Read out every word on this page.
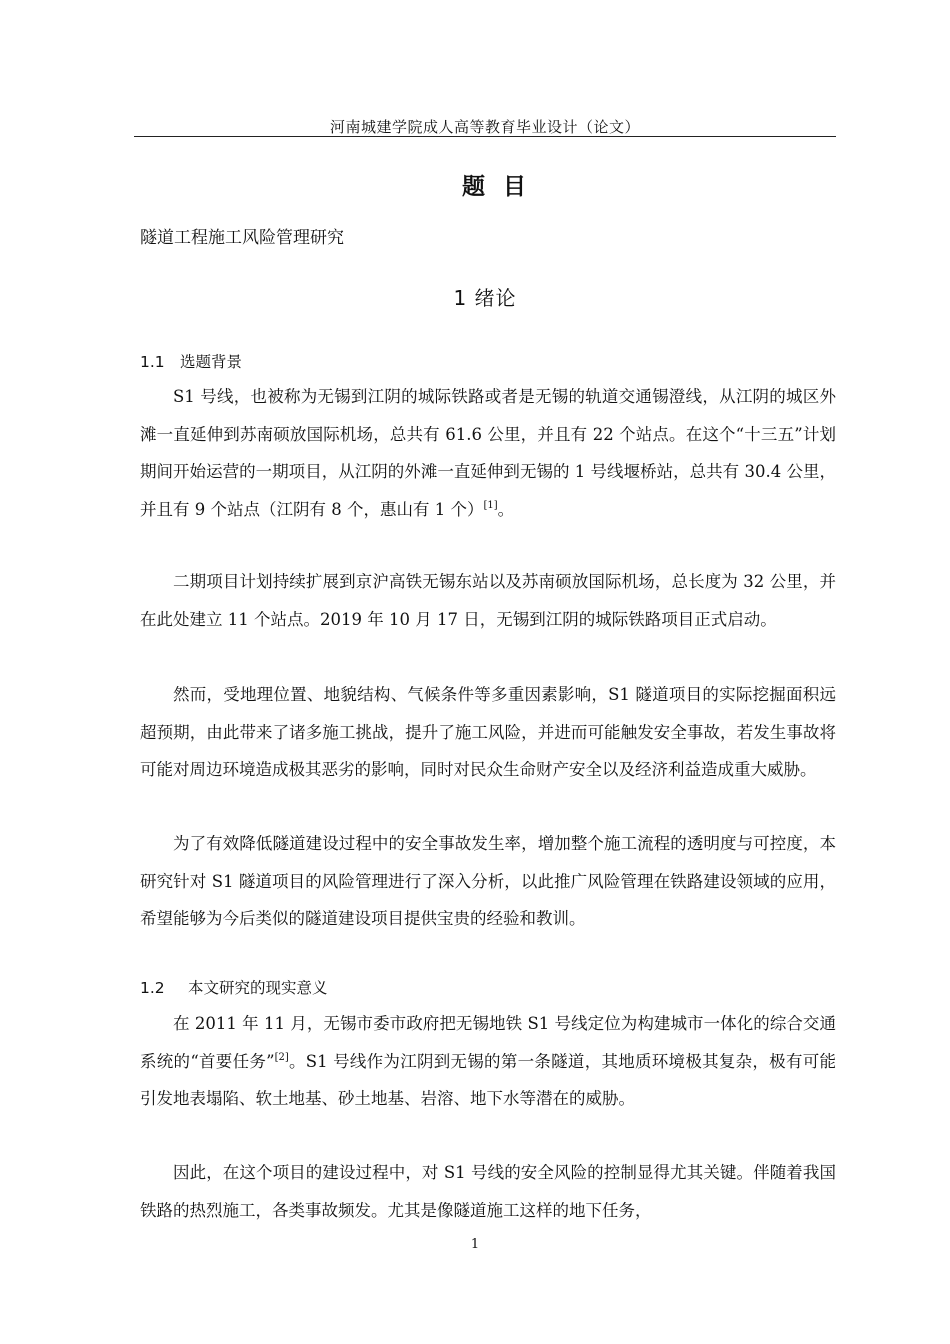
河南城建学院成人高等教育毕业设计（论文）
题目
隧道工程施工风险管理研究
1 绪论
1.1 选题背景

S1 号线，也被称为无锡到江阴的城际铁路或者是无锡的轨道交通锡澄线，从江阴的城区外滩一直延伸到苏南硕放国际机场，总共有 61.6 公里，并且有 22 个站点。在这个“十三五”计划期间开始运营的一期项目，从江阴的外滩一直延伸到无锡的 1 号线堰桥站，总共有 30.4 公里，并且有 9 个站点（江阴有 8 个，惠山有 1 个）[1]。

二期项目计划持续扩展到京沪高铁无锡东站以及苏南硕放国际机场，总长度为 32 公里，并在此处建立 11 个站点。2019 年 10 月 17 日，无锡到江阴的城际铁路项目正式启动。

然而，受地理位置、地貌结构、气候条件等多重因素影响，S1 隧道项目的实际挖掘面积远超预期，由此带来了诸多施工挑战，提升了施工风险，并进而可能触发安全事故，若发生事故将可能对周边环境造成极其恶劣的影响，同时对民众生命财产安全以及经济利益造成重大威胁。

为了有效降低隧道建设过程中的安全事故发生率，增加整个施工流程的透明度与可控度，本研究针对 S1 隧道项目的风险管理进行了深入分析，以此推广风险管理在铁路建设领域的应用，希望能够为今后类似的隧道建设项目提供宝贵的经验和教训。

1.2 本文研究的现实意义

在 2011 年 11 月，无锡市委市政府把无锡地铁 S1 号线定位为构建城市一体化的综合交通系统的“首要任务”[2]。S1 号线作为江阴到无锡的第一条隧道，其地质环境极其复杂，极有可能引发地表塌陷、软土地基、砂土地基、岩溶、地下水等潜在的威胁。

因此，在这个项目的建设过程中，对 S1 号线的安全风险的控制显得尤其关键。伴随着我国铁路的热烈施工，各类事故频发。尤其是像隧道施工这样的地下任务，

1
